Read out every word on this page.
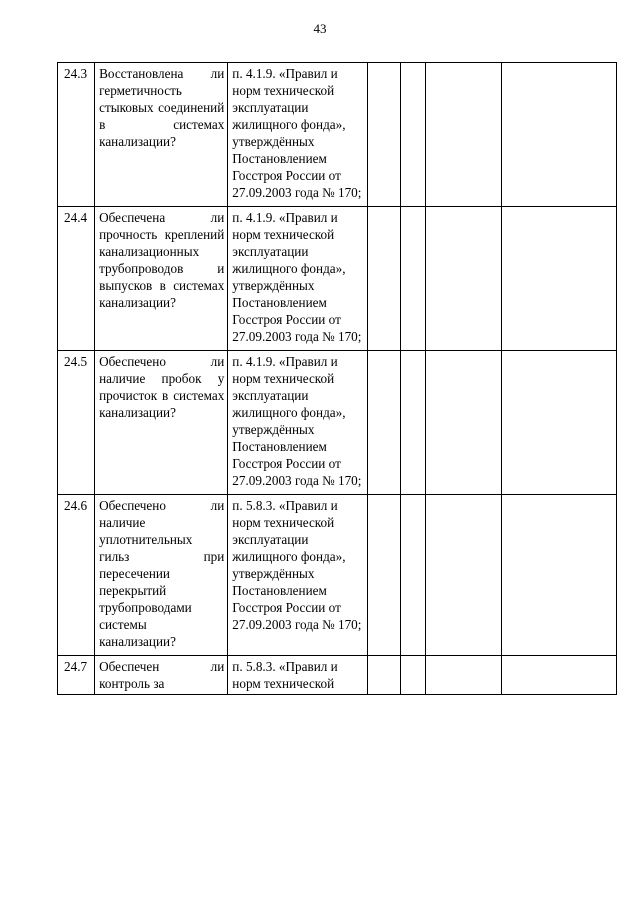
43
24.3	Восстановлена ли герметичность стыковых соединений в системах канализации?	п. 4.1.9. «Правил и норм технической эксплуатации жилищного фонда», утверждённых Постановлением Госстроя России от 27.09.2003 года № 170;				
24.4	Обеспечена ли прочность креплений канализационных трубопроводов и выпусков в системах канализации?	п. 4.1.9. «Правил и норм технической эксплуатации жилищного фонда», утверждённых Постановлением Госстроя России от 27.09.2003 года № 170;				
24.5	Обеспечено ли наличие пробок у прочисток в системах канализации?	п. 4.1.9. «Правил и норм технической эксплуатации жилищного фонда», утверждённых Постановлением Госстроя России от 27.09.2003 года № 170;				
24.6	Обеспечено ли наличие уплотнительных гильз при пересечении перекрытий трубопроводами системы канализации?	п. 5.8.3. «Правил и норм технической эксплуатации жилищного фонда», утверждённых Постановлением Госстроя России от 27.09.2003 года № 170;				
24.7	Обеспечен ли контроль за	п. 5.8.3. «Правил и норм технической				
